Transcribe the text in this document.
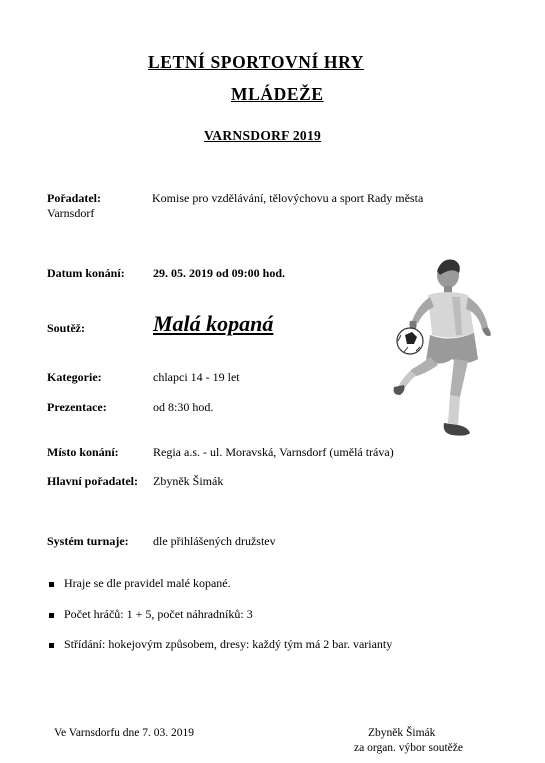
LETNÍ SPORTOVNÍ HRY
MLÁDEŽE
VARNSDORF 2019
Pořadatel:	Komise pro vzdělávání, tělovýchovu a sport Rady města
Varnsdorf
Datum konání: 29. 05. 2019 od 09:00 hod.
Soutěž:	Malá kopaná
Kategorie:	chlapci 14 - 19 let
Prezentace:	od 8:30 hod.
Místo konání:	Regia a.s. - ul. Moravská, Varnsdorf (umělá tráva)
Hlavní pořadatel: Zbyněk Šimák
Systém turnaje: dle přihlášených družstev
Hraje se dle pravidel malé kopané.
Počet hráčů: 1 + 5, počet náhradníků: 3
Střídání: hokejovým způsobem, dresy: každý tým má 2 bar. varianty
Ve Varnsdorfu dne 7. 03. 2019	Zbyněk Šimák
za organ. výbor soutěže
